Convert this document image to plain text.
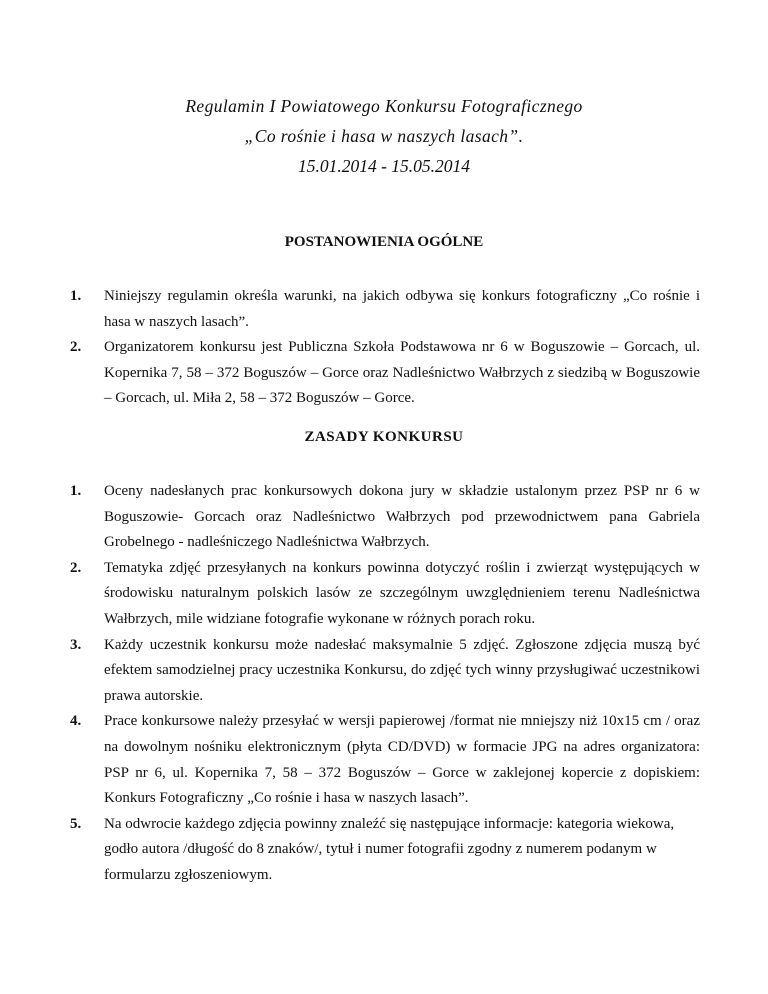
Regulamin I Powiatowego Konkursu Fotograficznego
„Co rośnie i hasa w naszych lasach”.
15.01.2014 - 15.05.2014
POSTANOWIENIA OGÓLNE
1. Niniejszy regulamin określa warunki, na jakich odbywa się konkurs fotograficzny „Co rośnie i hasa w naszych lasach”.
2. Organizatorem konkursu jest Publiczna Szkoła Podstawowa nr 6 w Boguszowie – Gorcach, ul. Kopernika 7, 58 – 372 Boguszów – Gorce oraz Nadleśnictwo Wałbrzych z siedzibą w Boguszowie – Gorcach, ul. Miła 2, 58 – 372 Boguszów – Gorce.
ZASADY KONKURSU
1. Oceny nadesłanych prac konkursowych dokona jury w składzie ustalonym przez PSP nr 6 w Boguszowie- Gorcach oraz Nadleśnictwo Wałbrzych pod przewodnictwem pana Gabriela Grobelnego - nadleśniczego Nadleśnictwa Wałbrzych.
2. Tematyka zdjęć przesyłanych na konkurs powinna dotyczyć roślin i zwierząt występujących w środowisku naturalnym polskich lasów ze szczególnym uwzględnieniem terenu Nadleśnictwa Wałbrzych, mile widziane fotografie wykonane w różnych porach roku.
3. Każdy uczestnik konkursu może nadesłać maksymalnie 5 zdjęć. Zgłoszone zdjęcia muszą być efektem samodzielnej pracy uczestnika Konkursu, do zdjęć tych winny przysługiwać uczestnikowi prawa autorskie.
4. Prace konkursowe należy przesyłać w wersji papierowej /format nie mniejszy niż 10x15 cm / oraz na dowolnym nośniku elektronicznym (płyta CD/DVD) w formacie JPG na adres organizatora: PSP nr 6, ul. Kopernika 7, 58 – 372 Boguszów – Gorce w zaklejonej kopercie z dopiskiem: Konkurs Fotograficzny „Co rośnie i hasa w naszych lasach”.
5. Na odwrocie każdego zdjęcia powinny znaleźć się następujące informacje: kategoria wiekowa, godło autora /długość do 8 znaków/, tytuł i numer fotografii zgodny z numerem podanym w formularzu zgłoszeniowym.
